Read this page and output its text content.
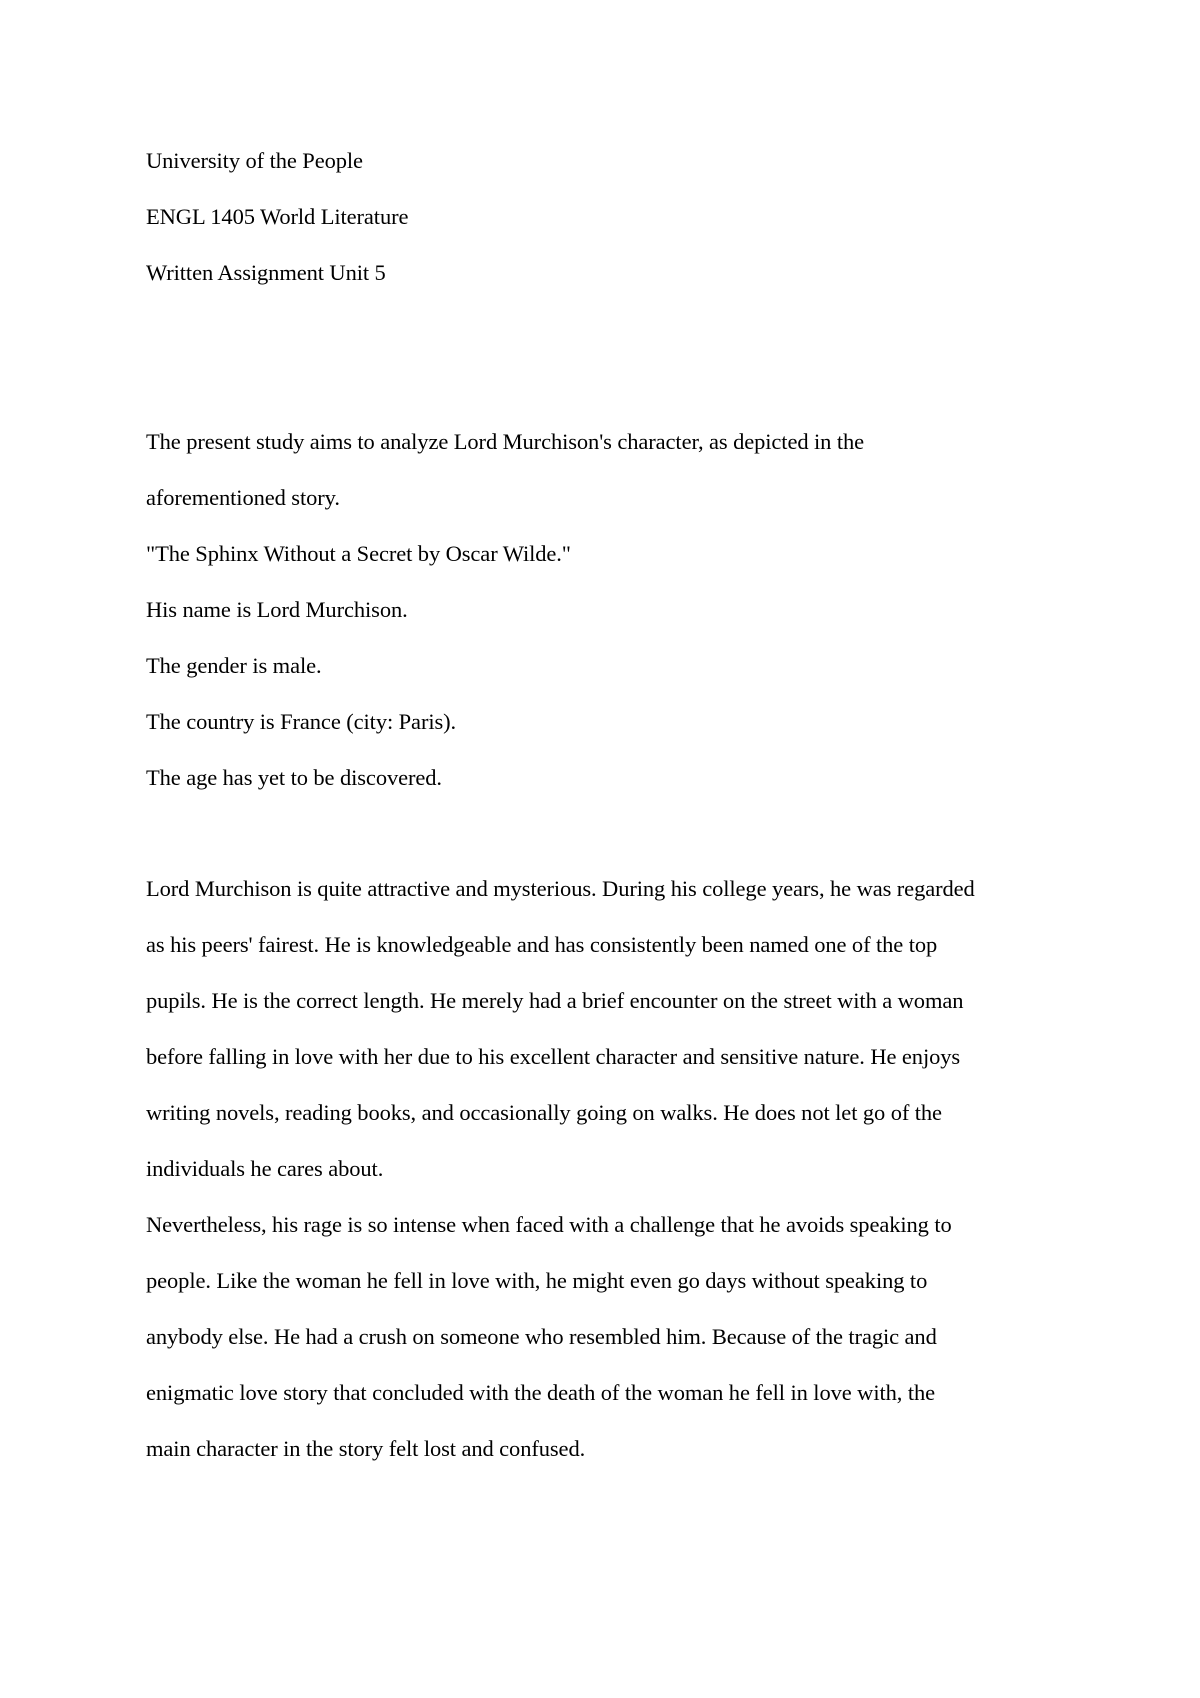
University of the People
ENGL 1405 World Literature
Written Assignment Unit 5
The present study aims to analyze Lord Murchison's character, as depicted in the
aforementioned story.
"The Sphinx Without a Secret by Oscar Wilde."
His name is Lord Murchison.
The gender is male.
The country is France (city: Paris).
The age has yet to be discovered.
Lord Murchison is quite attractive and mysterious. During his college years, he was regarded
as his peers' fairest. He is knowledgeable and has consistently been named one of the top
pupils. He is the correct length. He merely had a brief encounter on the street with a woman
before falling in love with her due to his excellent character and sensitive nature. He enjoys
writing novels, reading books, and occasionally going on walks. He does not let go of the
individuals he cares about.
Nevertheless, his rage is so intense when faced with a challenge that he avoids speaking to
people. Like the woman he fell in love with, he might even go days without speaking to
anybody else. He had a crush on someone who resembled him. Because of the tragic and
enigmatic love story that concluded with the death of the woman he fell in love with, the
main character in the story felt lost and confused.
